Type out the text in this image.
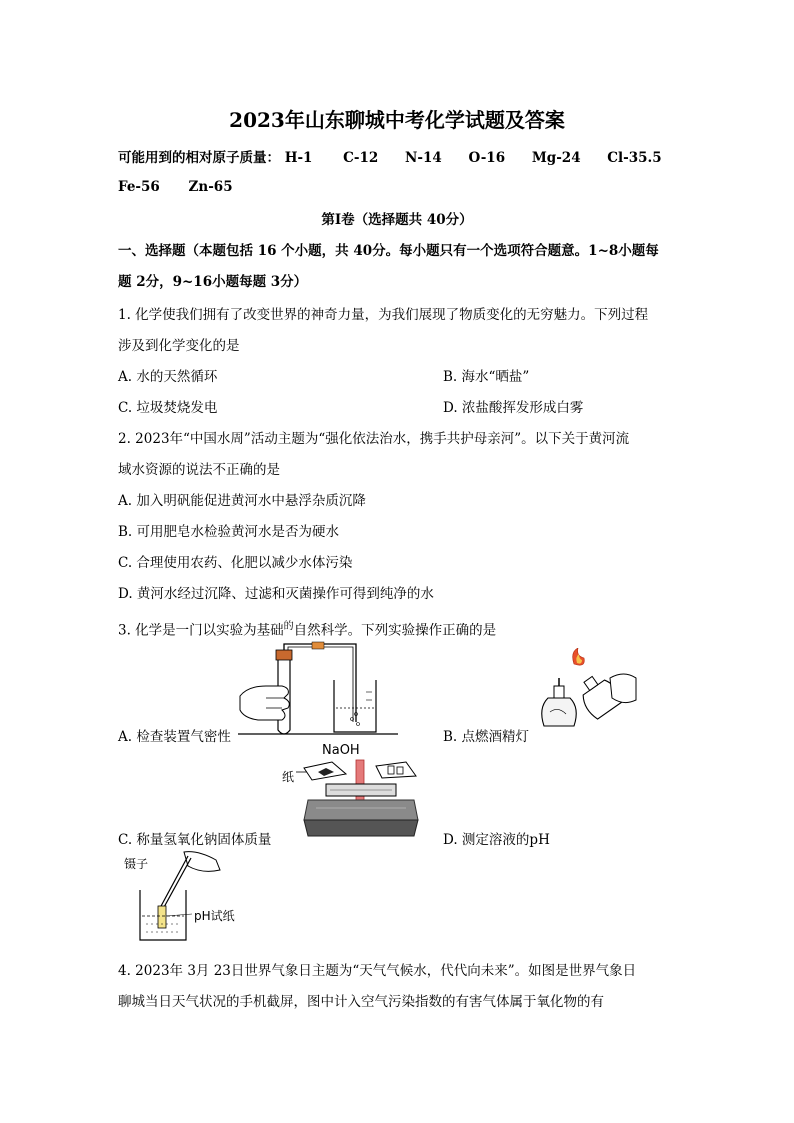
2023年山东聊城中考化学试题及答案
可能用到的相对原子质量： H-1 C-12 N-14 O-16 Mg-24 Cl-35.5
Fe-56 Zn-65
第I卷（选择题共 40分）
一、选择题（本题包括 16 个小题，共 40分。每小题只有一个选项符合题意。1~8小题每
题 2分，9~16小题每题 3分）
1. 化学使我们拥有了改变世界的神奇力量，为我们展现了物质变化的无穷魅力。下列过程
涉及到化学变化的是
A. 水的天然循环	B. 海水“晒盐”
C. 垃圾焚烧发电	D. 浓盐酸挥发形成白雾
2. 2023年“中国水周”活动主题为“强化依法治水，携手共护母亲河”。以下关于黄河流
域水资源的说法不正确的是
A. 加入明矾能促进黄河水中悬浮杂质沉降
B. 可用肥皂水检验黄河水是否为硬水
C. 合理使用农药、化肥以减少水体污染
D. 黄河水经过沉降、过滤和灭菌操作可得到纯净的水
3. 化学是一门以实验为基础$^的$自然科学。下列实验操作正确的是
A. 检查装置气密性	B. 点燃酒精灯
NaOH
纸
C. 称量氢氧化钠固体质量	D. 测定溶液的pH
镊子
pH试纸
4. 2023年 3月 23日世界气象日主题为“天气气候水，代代向未来”。如图是世界气象日
聊城当日天气状况的手机截屏，图中计入空气污染指数的有害气体属于氧化物的有
